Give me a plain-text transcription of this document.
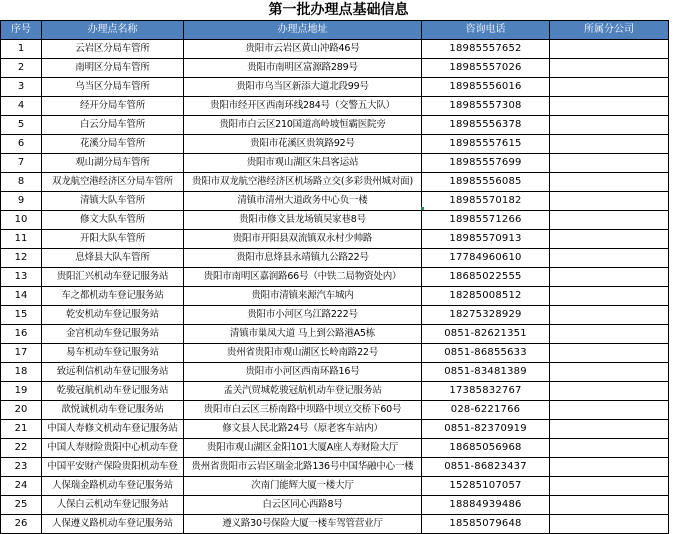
第一批办理点基础信息
序号	办理点名称	办理点地址	咨询电话	所属分公司
1	云岩区分局车管所	贵阳市云岩区黄山冲路46号	18985557652	
2	南明区分局车管所	贵阳市南明区富源路289号	18985557026	
3	乌当区分局车管所	贵阳市乌当区新添大道北段99号	18985556016	
4	经开分局车管所	贵阳市经开区西南环线284号（交警五大队）	18985557308	
5	白云分局车管所	贵阳市白云区210国道高岭坡恒霸医院旁	18985556378	
6	花溪分局车管所	贵阳市花溪区贵筑路92号	18985557615	
7	观山湖分局车管所	贵阳市观山湖区朱昌客运站	18985557699	
8	双龙航空港经济区分局车管所	贵阳市双龙航空港经济区机场路立交(多彩贵州城对面)	18985556085	
9	清镇大队车管所	清镇市清州大道政务中心负一楼	18985570182	
10	修文大队车管所	贵阳市修文县龙场镇吴家巷8号	18985571266	
11	开阳大队车管所	贵阳市开阳县双流镇双永村少帅路	18985570913	
12	息烽县大队车管所	贵阳市息烽县永靖镇九公路22号	17784960610	
13	贵阳汇兴机动车登记服务站	贵阳市南明区嘉润路66号（中铁二局物资处内）	18685022555	
14	车之都机动车登记服务站	贵阳市清镇来源汽车城内	18285008512	
15	乾安机动车登记服务站	贵阳市小河区乌江路222号	18275328929	
16	金宫机动车登记服务站	清镇市巢凤大道 马上到公路港A5栋	0851-82621351	
17	易车机动车登记服务站	贵州省贵阳市观山湖区长岭南路22号	0851-86855633	
18	致远利信机动车登记服务站	贵阳市小河区西南环路16号	0851-83481389	
19	乾骏冠航机动车登记服务站	孟关汽贸城乾骏冠航机动车登记服务站	17385832767	
20	歆悦诚机动车登记服务站	贵阳市白云区三桥南路中坝路中坝立交桥下60号	028-6221766	
21	中国人寿修文机动车登记服务站	修文县人民北路24号（原老客车站内）	0851-82370919	
22	中国人寿财险贵阳中心机动车登	贵阳市观山湖区金阳101大厦A座人寿财险大厅	18685056968	
23	中国平安财产保险贵阳机动车登	贵州省贵阳市云岩区瑞金北路136号中国华融中心一楼	0851-86823437	
24	人保瑞金路机动车登记服务站	次南门能辉大厦一楼大厅	15285107057	
25	人保白云机动车登记服务站	白云区同心西路8号	18884939486	
26	人保遵义路机动车登记服务站	遵义路30号保险大厦一楼车驾管营业厅	18585079648	
